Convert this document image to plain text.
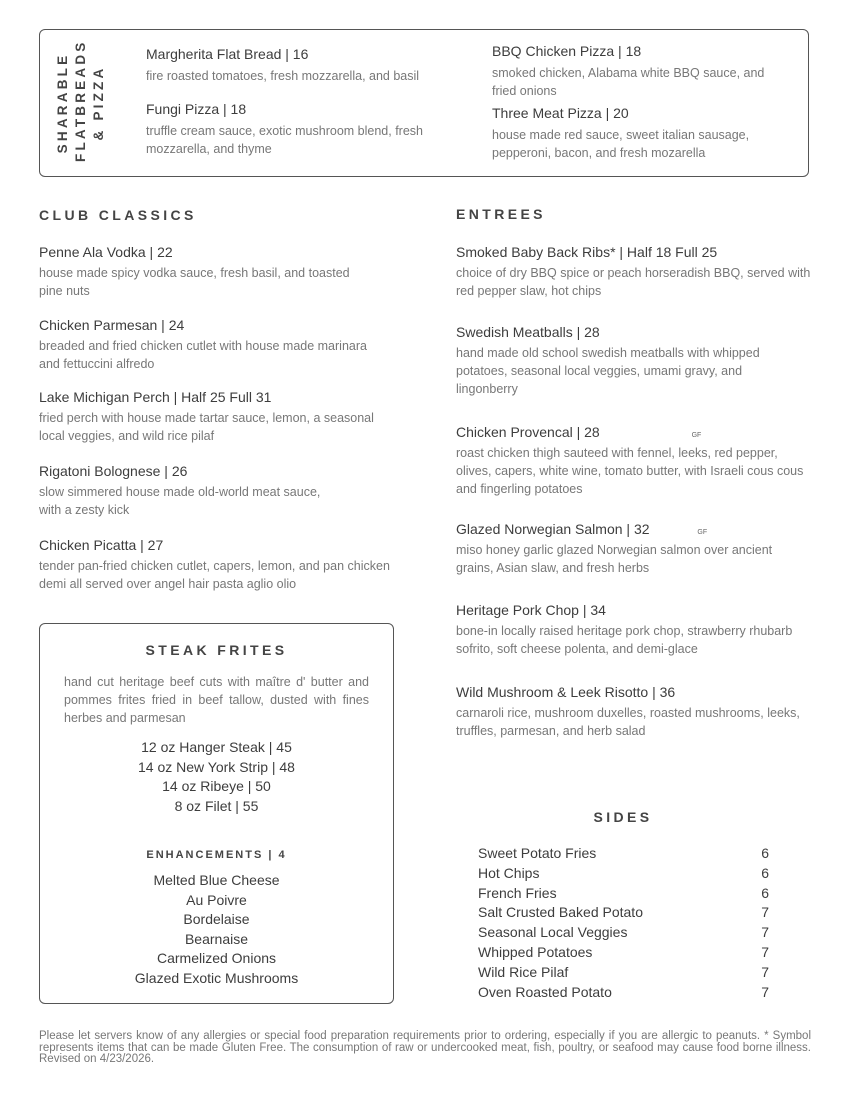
SHARABLE FLATBREADS & PIZZA
Margherita Flat Bread | 16
fire roasted tomatoes, fresh mozzarella, and basil
Fungi Pizza | 18
truffle cream sauce, exotic mushroom blend, fresh mozzarella, and thyme
BBQ Chicken Pizza | 18
smoked chicken, Alabama white BBQ sauce, and fried onions
Three Meat Pizza | 20
house made red sauce, sweet italian sausage, pepperoni, bacon, and fresh mozarella
CLUB CLASSICS
Penne Ala Vodka | 22
house made spicy vodka sauce, fresh basil, and toasted pine nuts
Chicken Parmesan | 24
breaded and fried chicken cutlet with house made marinara and fettuccini alfredo
Lake Michigan Perch | Half 25 Full 31
fried perch with house made tartar sauce, lemon, a seasonal local veggies, and wild rice pilaf
Rigatoni Bolognese | 26
slow simmered house made old-world meat sauce, with a zesty kick
Chicken Picatta | 27
tender pan-fried chicken cutlet, capers, lemon, and pan chicken demi all served over angel hair pasta aglio olio
STEAK FRITES
hand cut heritage beef cuts with maître d' butter and pommes frites fried in beef tallow, dusted with fines herbes and parmesan
12 oz Hanger Steak | 45
14 oz New York Strip | 48
14 oz Ribeye | 50
8 oz Filet | 55
ENHANCEMENTS | 4
Melted Blue Cheese
Au Poivre
Bordelaise
Bearnaise
Carmelized Onions
Glazed Exotic Mushrooms
ENTREES
Smoked Baby Back Ribs* | Half 18 Full 25
choice of dry BBQ spice or peach horseradish BBQ, served with red pepper slaw, hot chips
Swedish Meatballs | 28
hand made old school swedish meatballs with whipped potatoes, seasonal local veggies, umami gravy, and lingonberry
Chicken Provencal | 28	GF
roast chicken thigh sauteed with fennel, leeks, red pepper, olives, capers, white wine, tomato butter, with Israeli cous cous and fingerling potatoes
Glazed Norwegian Salmon | 32	GF
miso honey garlic glazed Norwegian salmon over ancient grains, Asian slaw, and fresh herbs
Heritage Pork Chop | 34
bone-in locally raised heritage pork chop, strawberry rhubarb sofrito, soft cheese polenta, and demi-glace
Wild Mushroom & Leek Risotto | 36
carnaroli rice, mushroom duxelles, roasted mushrooms, leeks, truffles, parmesan, and herb salad
SIDES
Sweet Potato Fries	6
Hot Chips	6
French Fries	6
Salt Crusted Baked Potato	7
Seasonal Local Veggies	7
Whipped Potatoes	7
Wild Rice Pilaf	7
Oven Roasted Potato	7
Please let servers know of any allergies or special food preparation requirements prior to ordering, especially if you are allergic to peanuts. * Symbol represents items that can be made Gluten Free. The consumption of raw or undercooked meat, fish, poultry, or seafood may cause food borne illness. Revised on 4/23/2026.
